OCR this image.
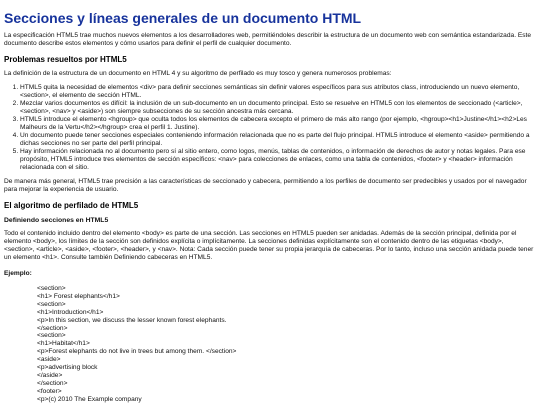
Secciones y líneas generales de un documento HTML

La especificación HTML5 trae muchos nuevos elementos a los desarrolladores web, permitiéndoles describir la estructura de un documento web con semántica estandarizada. Este documento describe estos elementos y cómo usarlos para definir el perfil de cualquier documento.

Problemas resueltos por HTML5

La definición de la estructura de un documento en HTML 4 y su algoritmo de perfilado es muy tosco y genera numerosos problemas:

1. HTML5 quita la necesidad de elementos <div> para definir secciones semánticas sin definir valores específicos para sus atributos class, introduciendo un nuevo elemento, <section>, el elemento de sección HTML.
2. Mezclar varios documentos es difícil: la inclusión de un sub-documento en un documento principal. Esto se resuelve en HTML5 con los elementos de seccionado (<article>, <section>, <nav> y <aside>) son siempre subsecciones de su sección ancestra más cercana.
3. HTML5 introduce el elemento <hgroup> que oculta todos los elementos de cabecera excepto el primero de más alto rango (por ejemplo, <hgroup><h1>Justine</h1><h2>Les Malheurs de la Vertu</h2></hgroup> crea el perfil 1. Justine).
4. Un documento puede tener secciones especiales conteniendo información relacionada que no es parte del flujo principal. HTML5 introduce el elemento <aside> permitiendo a dichas secciones no ser parte del perfil principal.
5. Hay información relacionada no al documento pero sí al sitio entero, como logos, menús, tablas de contenidos, o información de derechos de autor y notas legales. Para ese propósito, HTML5 introduce tres elementos de sección específicos: <nav> para colecciones de enlaces, como una tabla de contenidos, <footer> y <header> información relacionada con el sitio.

De manera más general, HTML5 trae precisión a las características de seccionado y cabecera, permitiendo a los perfiles de documento ser predecibles y usados por el navegador para mejorar la experiencia de usuario.

El algoritmo de perfilado de HTML5
Definiendo secciones en HTML5

Todo el contenido incluido dentro del elemento <body> es parte de una sección. Las secciones en HTML5 pueden ser anidadas. Además de la sección principal, definida por el elemento <body>, los límites de la sección son definidos explícita o implícitamente. La secciones definidas explícitamente son el contenido dentro de las etiquetas <body>, <section>, <article>, <aside>, <footer>, <header>, y <nav>. Nota: Cada sección puede tener su propia jerarquía de cabeceras. Por lo tanto, incluso una sección anidada puede tener un elemento <h1>. Consulte también Definiendo cabeceras en HTML5.

Ejemplo:
<section>
<h1> Forest elephants</h1>
<section>
<h1>Introduction</h1>
<p>In this section, we discuss the lesser known forest elephants.
</section>
<section>
<h1>Habitat</h1>
<p>Forest elephants do not live in trees but among them. </section>
<aside>
<p>advertising block
</aside>
</section>
<footer>
<p>(c) 2010 The Example company
